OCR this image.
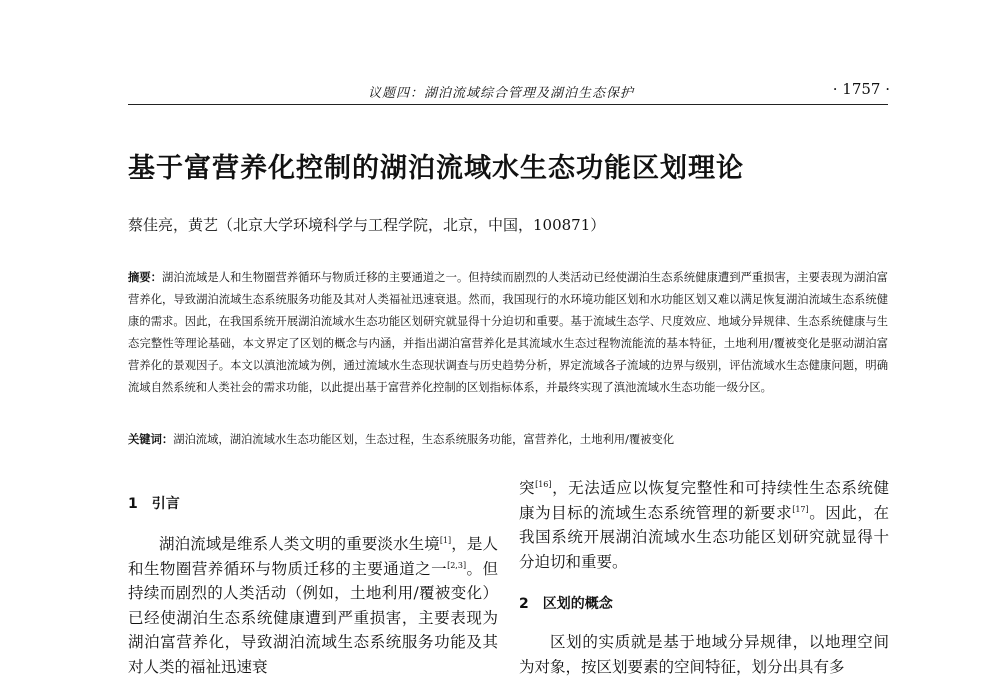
议题四：湖泊流域综合管理及湖泊生态保护	· 1757 ·
基于富营养化控制的湖泊流域水生态功能区划理论
蔡佳亮，黄艺（北京大学环境科学与工程学院，北京，中国，100871）
摘要：湖泊流域是人和生物圈营养循环与物质迁移的主要通道之一。但持续而剧烈的人类活动已经使湖泊生态系统健康遭到严重损害，主要表现为湖泊富营养化，导致湖泊流域生态系统服务功能及其对人类福祉迅速衰退。然而，我国现行的水环境功能区划和水功能区划又难以满足恢复湖泊流域生态系统健康的需求。因此，在我国系统开展湖泊流域水生态功能区划研究就显得十分迫切和重要。基于流域生态学、尺度效应、地域分异规律、生态系统健康与生态完整性等理论基础，本文界定了区划的概念与内涵，并指出湖泊富营养化是其流域水生态过程物流能流的基本特征，土地利用/覆被变化是驱动湖泊富营养化的景观因子。本文以滇池流域为例，通过流域水生态现状调查与历史趋势分析，界定流域各子流域的边界与级别，评估流域水生态健康问题，明确流域自然系统和人类社会的需求功能，以此提出基于富营养化控制的区划指标体系，并最终实现了滇池流域水生态功能一级分区。
关键词：湖泊流域，湖泊流域水生态功能区划，生态过程，生态系统服务功能，富营养化，土地利用/覆被变化
1　引言

湖泊流域是维系人类文明的重要淡水生境[1]，是人和生物圈营养循环与物质迁移的主要通道之一[2,3]。但持续而剧烈的人类活动（例如，土地利用/覆被变化）已经使湖泊生态系统健康遭到严重损害，主要表现为湖泊富营养化，导致湖泊流域生态系统服务功能及其对人类的福祉迅速衰

突[16]，无法适应以恢复完整性和可持续性生态系统健康为目标的流域生态系统管理的新要求[17]。因此，在我国系统开展湖泊流域水生态功能区划研究就显得十分迫切和重要。

2　区划的概念

区划的实质就是基于地域分异规律，以地理空间为对象，按区划要素的空间特征，划分出具有多
